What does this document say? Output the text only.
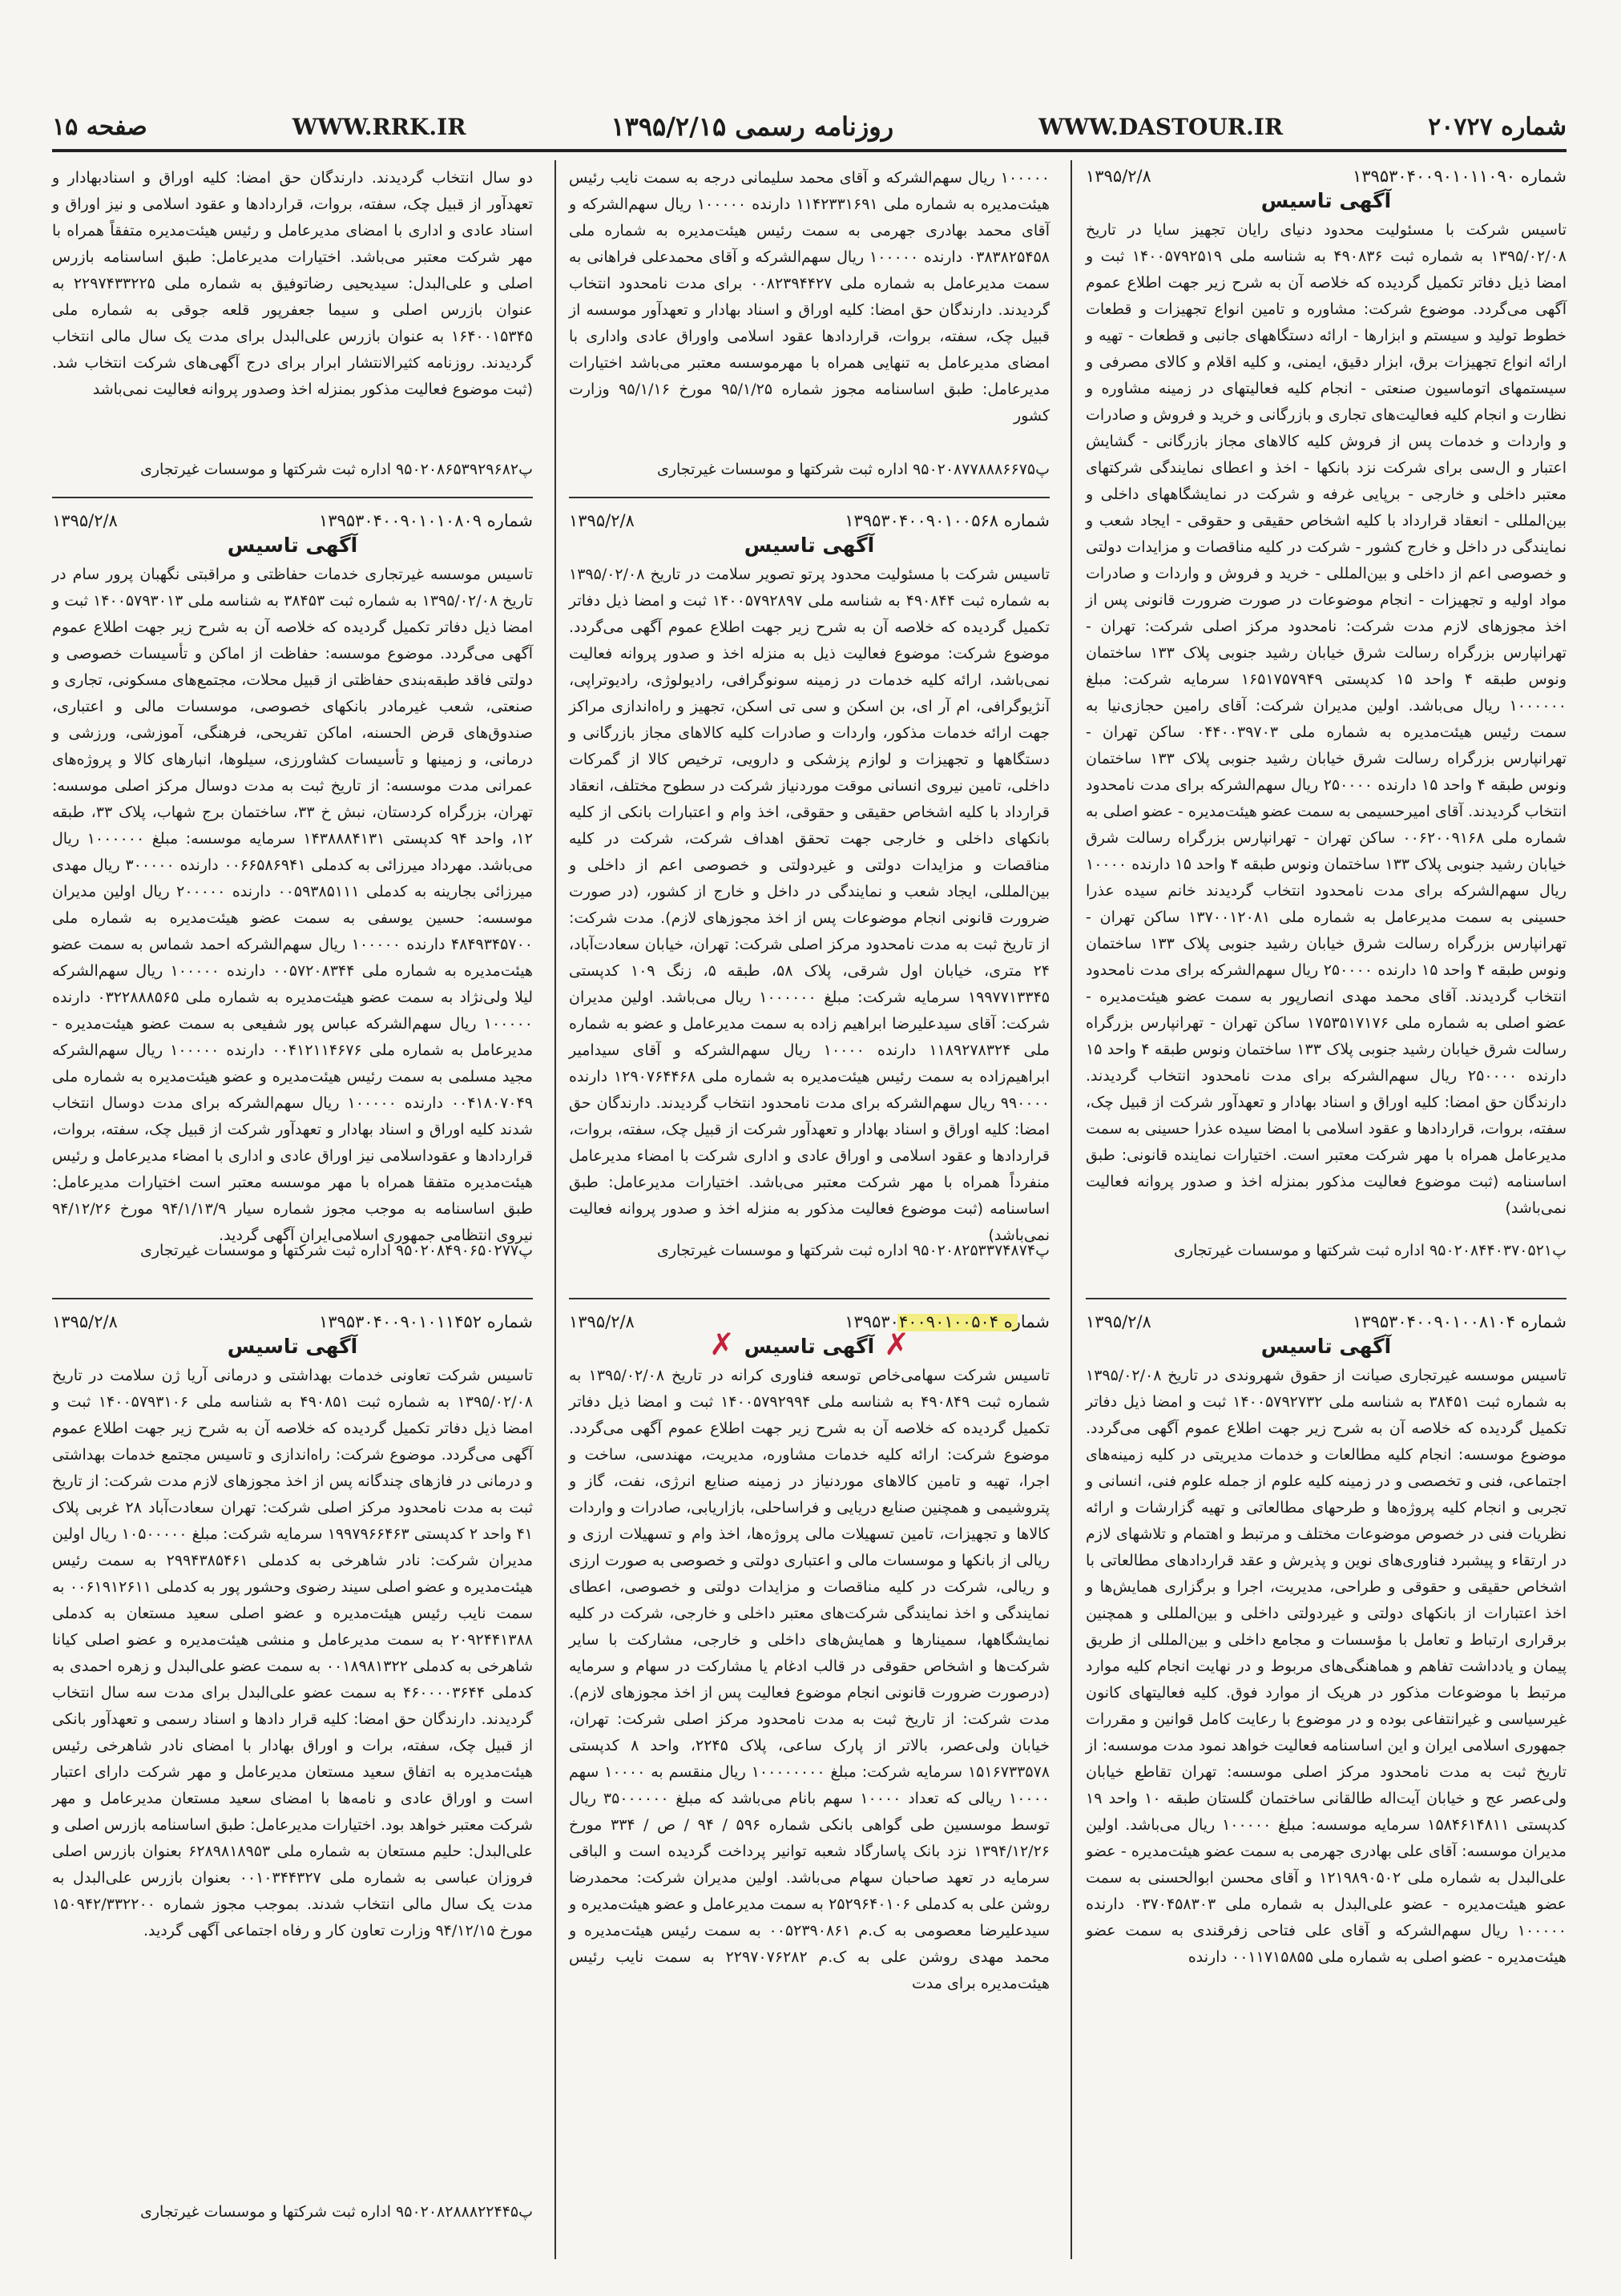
صفحه ۱۵	WWW.RRK.IR	روزنامه رسمی ۱۳۹۵/۲/۱۵	WWW.DASTOUR.IR	شماره ۲۰۷۲۷
شماره ۱۳۹۵۳۰۴۰۰۹۰۱۰۱۱۰۹۰
۱۳۹۵/۲/۸
آگهی تاسیس
تاسیس شرکت با مسئولیت محدود دنیای رایان تجهیز سایا در تاریخ ۱۳۹۵/۰۲/۰۸ به شماره ثبت ۴۹۰۸۳۶ به شناسه ملی ۱۴۰۰۵۷۹۲۵۱۹ ثبت و امضا ذیل دفاتر تکمیل گردیده که خلاصه آن به شرح زیر جهت اطلاع عموم آگهی می‌گردد. موضوع شرکت: مشاوره و تامین انواع تجهیزات و قطعات خطوط تولید و سیستم و ابزارها - ارائه دستگاههای جانبی و قطعات - تهیه و ارائه انواع تجهیزات برق، ابزار دقیق، ایمنی، و کلیه اقلام و کالای مصرفی و سیستمهای اتوماسیون صنعتی - انجام کلیه فعالیتهای در زمینه مشاوره و نظارت و انجام کلیه فعالیت‌های تجاری و بازرگانی و خرید و فروش و صادرات و واردات و خدمات پس از فروش کلیه کالاهای مجاز بازرگانی - گشایش اعتبار و ال‌سی برای شرکت نزد بانکها - اخذ و اعطای نمایندگی شرکتهای معتبر داخلی و خارجی - برپایی غرفه و شرکت در نمایشگاههای داخلی و بین‌المللی - انعقاد قرارداد با کلیه اشخاص حقیقی و حقوقی - ایجاد شعب و نمایندگی در داخل و خارج کشور - شرکت در کلیه مناقصات و مزایدات دولتی و خصوصی اعم از داخلی و بین‌المللی - خرید و فروش و واردات و صادرات مواد اولیه و تجهیزات - انجام موضوعات در صورت ضرورت قانونی پس از اخذ مجوزهای لازم مدت شرکت: نامحدود مرکز اصلی شرکت: تهران - تهرانپارس بزرگراه رسالت شرق خیابان رشید جنوبی پلاک ۱۳۳ ساختمان ونوس طبقه ۴ واحد ۱۵ کدپستی ۱۶۵۱۷۵۷۹۴۹ سرمایه شرکت: مبلغ ۱۰۰۰۰۰۰ ریال می‌باشد. اولین مدیران شرکت: آقای رامین حجازی‌نیا به سمت رئیس هیئت‌مدیره به شماره ملی ۰۴۴۰۰۳۹۷۰۳ ساکن تهران - تهرانپارس بزرگراه رسالت شرق خیابان رشید جنوبی پلاک ۱۳۳ ساختمان ونوس طبقه ۴ واحد ۱۵ دارنده ۲۵۰۰۰۰ ریال سهم‌الشرکه برای مدت نامحدود انتخاب گردیدند. آقای امیرحسیمی به سمت عضو هیئت‌مدیره - عضو اصلی به شماره ملی ۰۰۶۲۰۰۹۱۶۸ ساکن تهران - تهرانپارس بزرگراه رسالت شرق خیابان رشید جنوبی پلاک ۱۳۳ ساختمان ونوس طبقه ۴ واحد ۱۵ دارنده ۱۰۰۰۰ ریال سهم‌الشرکه برای مدت نامحدود انتخاب گردیدند خانم سیده عذرا حسینی به سمت مدیرعامل به شماره ملی ۱۳۷۰۰۱۲۰۸۱ ساکن تهران - تهرانپارس بزرگراه رسالت شرق خیابان رشید جنوبی پلاک ۱۳۳ ساختمان ونوس طبقه ۴ واحد ۱۵ دارنده ۲۵۰۰۰۰ ریال سهم‌الشرکه برای مدت نامحدود انتخاب گردیدند. آقای محمد مهدی انصارپور به سمت عضو هیئت‌مدیره - عضو اصلی به شماره ملی ۱۷۵۳۵۱۷۱۷۶ ساکن تهران - تهرانپارس بزرگراه رسالت شرق خیابان رشید جنوبی پلاک ۱۳۳ ساختمان ونوس طبقه ۴ واحد ۱۵ دارنده ۲۵۰۰۰۰ ریال سهم‌الشرکه برای مدت نامحدود انتخاب گردیدند. دارندگان حق امضا: کلیه اوراق و اسناد بهادار و تعهدآور شرکت از قبیل چک، سفته، بروات، قراردادها و عقود اسلامی با امضا سیده عذرا حسینی به سمت مدیرعامل همراه با مهر شرکت معتبر است. اختیارات نماینده قانونی: طبق اساسنامه (ثبت موضوع فعالیت مذکور بمنزله اخذ و صدور پروانه فعالیت نمی‌باشد)
پ۹۵۰۲۰۸۴۴۰۳۷۰۵۲۱ اداره ثبت شرکتها و موسسات غیرتجاری
شماره ۱۳۹۵۳۰۴۰۰۹۰۱۰۰۸۱۰۴
۱۳۹۵/۲/۸
آگهی تاسیس
تاسیس موسسه غیرتجاری صیانت از حقوق شهروندی در تاریخ ۱۳۹۵/۰۲/۰۸ به شماره ثبت ۳۸۴۵۱ به شناسه ملی ۱۴۰۰۵۷۹۲۷۳۲ ثبت و امضا ذیل دفاتر تکمیل گردیده که خلاصه آن به شرح زیر جهت اطلاع عموم آگهی می‌گردد. موضوع موسسه: انجام کلیه مطالعات و خدمات مدیریتی در کلیه زمینه‌های اجتماعی، فنی و تخصصی و در زمینه کلیه علوم از جمله علوم فنی، انسانی و تجربی و انجام کلیه پروژه‌ها و طرحهای مطالعاتی و تهیه گزارشات و ارائه نظریات فنی در خصوص موضوعات مختلف و مرتبط و اهتمام و تلاشهای لازم در ارتقاء و پیشبرد فناوری‌های نوین و پذیرش و عقد قراردادهای مطالعاتی با اشخاص حقیقی و حقوقی و طراحی، مدیریت، اجرا و برگزاری همایش‌ها و اخذ اعتبارات از بانکهای دولتی و غیردولتی داخلی و بین‌المللی و همچنین برقراری ارتباط و تعامل با مؤسسات و مجامع داخلی و بین‌المللی از طریق پیمان و یادداشت تفاهم و هماهنگی‌های مربوط و در نهایت انجام کلیه موارد مرتبط با موضوعات مذکور در هریک از موارد فوق. کلیه فعالیتهای کانون غیرسیاسی و غیرانتفاعی بوده و در موضوع با رعایت کامل قوانین و مقررات جمهوری اسلامی ایران و این اساسنامه فعالیت خواهد نمود مدت موسسه: از تاریخ ثبت به مدت نامحدود مرکز اصلی موسسه: تهران تقاطع خیابان ولی‌عصر عج و خیابان آیت‌اله طالقانی ساختمان گلستان طبقه ۱۰ واحد ۱۹ کدپستی ۱۵۸۴۶۱۴۸۱۱ سرمایه موسسه: مبلغ ۱۰۰۰۰۰ ریال می‌باشد. اولین مدیران موسسه: آقای علی بهادری جهرمی به سمت عضو هیئت‌مدیره - عضو علی‌البدل به شماره ملی ۱۲۱۹۸۹۰۵۰۲ و آقای محسن ابوالحسنی به سمت عضو هیئت‌مدیره - عضو علی‌البدل به شماره ملی ۰۳۷۰۴۵۸۳۰۳ دارنده ۱۰۰۰۰۰ ریال سهم‌الشرکه و آقای علی فتاحی زفرقندی به سمت عضو هیئت‌مدیره - عضو اصلی به شماره ملی ۰۰۱۱۷۱۵۸۵۵ دارنده
۱۰۰۰۰۰ ریال سهم‌الشرکه و آقای محمد سلیمانی درجه به سمت نایب رئیس هیئت‌مدیره به شماره ملی ۱۱۴۲۳۳۱۶۹۱ دارنده ۱۰۰۰۰۰ ریال سهم‌الشرکه و آقای محمد بهادری جهرمی به سمت رئیس هیئت‌مدیره به شماره ملی ۰۳۸۳۸۲۵۴۵۸ دارنده ۱۰۰۰۰۰ ریال سهم‌الشرکه و آقای محمدعلی فراهانی به سمت مدیرعامل به شماره ملی ۰۰۸۲۳۹۴۴۲۷ برای مدت نامحدود انتخاب گردیدند. دارندگان حق امضا: کلیه اوراق و اسناد بهادار و تعهدآور موسسه از قبیل چک، سفته، بروات، قراردادها عقود اسلامی واوراق عادی واداری با امضای مدیرعامل به تنهایی همراه با مهرموسسه معتبر می‌باشد اختیارات مدیرعامل: طبق اساسنامه مجوز شماره ۹۵/۱/۲۵ مورخ ۹۵/۱/۱۶ وزارت کشور
پ۹۵۰۲۰۸۷۷۸۸۸۶۶۷۵ اداره ثبت شرکتها و موسسات غیرتجاری
شماره ۱۳۹۵۳۰۴۰۰۹۰۱۰۰۵۶۸
۱۳۹۵/۲/۸
آگهی تاسیس
تاسیس شرکت با مسئولیت محدود پرتو تصویر سلامت در تاریخ ۱۳۹۵/۰۲/۰۸ به شماره ثبت ۴۹۰۸۴۴ به شناسه ملی ۱۴۰۰۵۷۹۲۸۹۷ ثبت و امضا ذیل دفاتر تکمیل گردیده که خلاصه آن به شرح زیر جهت اطلاع عموم آگهی می‌گردد. موضوع شرکت: موضوع فعالیت ذیل به منزله اخذ و صدور پروانه فعالیت نمی‌باشد، ارائه کلیه خدمات در زمینه سونوگرافی، رادیولوژی، رادیوتراپی، آنژیوگرافی، ام آر ای، بن اسکن و سی تی اسکن، تجهیز و راه‌اندازی مراکز جهت ارائه خدمات مذکور، واردات و صادرات کلیه کالاهای مجاز بازرگانی و دستگاهها و تجهیزات و لوازم پزشکی و دارویی، ترخیص کالا از گمرکات داخلی، تامین نیروی انسانی موقت موردنیاز شرکت در سطوح مختلف، انعقاد قرارداد با کلیه اشخاص حقیقی و حقوقی، اخذ وام و اعتبارات بانکی از کلیه بانکهای داخلی و خارجی جهت تحقق اهداف شرکت، شرکت در کلیه مناقصات و مزایدات دولتی و غیردولتی و خصوصی اعم از داخلی و بین‌المللی، ایجاد شعب و نمایندگی در داخل و خارج از کشور، (در صورت ضرورت قانونی انجام موضوعات پس از اخذ مجوزهای لازم). مدت شرکت: از تاریخ ثبت به مدت نامحدود مرکز اصلی شرکت: تهران، خیابان سعادت‌آباد، ۲۴ متری، خیابان اول شرقی، پلاک ۵۸، طبقه ۵، زنگ ۱۰۹ کدپستی ۱۹۹۷۷۱۳۳۴۵ سرمایه شرکت: مبلغ ۱۰۰۰۰۰۰ ریال می‌باشد. اولین مدیران شرکت: آقای سیدعلیرضا ابراهیم زاده به سمت مدیرعامل و عضو به شماره ملی ۱۱۸۹۲۷۸۳۲۴ دارنده ۱۰۰۰۰ ریال سهم‌الشرکه و آقای سیدامیر ابراهیم‌زاده به سمت رئیس هیئت‌مدیره به شماره ملی ۱۲۹۰۷۶۴۴۶۸ دارنده ۹۹۰۰۰۰ ریال سهم‌الشرکه برای مدت نامحدود انتخاب گردیدند. دارندگان حق امضا: کلیه اوراق و اسناد بهادار و تعهدآور شرکت از قبیل چک، سفته، بروات، قراردادها و عقود اسلامی و اوراق عادی و اداری شرکت با امضاء مدیرعامل منفرداً همراه با مهر شرکت معتبر می‌باشد. اختیارات مدیرعامل: طبق اساسنامه (ثبت موضوع فعالیت مذکور به منزله اخذ و صدور پروانه فعالیت نمی‌باشد)
پ۹۵۰۲۰۸۲۵۳۳۷۴۸۷۴ اداره ثبت شرکتها و موسسات غیرتجاری
شماره ۱۳۹۵۳۰۴۰۰۹۰۱۰۰۵۰۴
۱۳۹۵/۲/۸
✗
آگهی تاسیس
✗
تاسیس شرکت سهامی‌خاص توسعه فناوری کرانه در تاریخ ۱۳۹۵/۰۲/۰۸ به شماره ثبت ۴۹۰۸۴۹ به شناسه ملی ۱۴۰۰۵۷۹۲۹۹۴ ثبت و امضا ذیل دفاتر تکمیل گردیده که خلاصه آن به شرح زیر جهت اطلاع عموم آگهی می‌گردد. موضوع شرکت: ارائه کلیه خدمات مشاوره، مدیریت، مهندسی، ساخت و اجرا، تهیه و تامین کالاهای موردنیاز در زمینه صنایع انرژی، نفت، گاز و پتروشیمی و همچنین صنایع دریایی و فراساحلی، بازاریابی، صادرات و واردات کالاها و تجهیزات، تامین تسهیلات مالی پروژه‌ها، اخذ وام و تسهیلات ارزی و ریالی از بانکها و موسسات مالی و اعتباری دولتی و خصوصی به صورت ارزی و ریالی، شرکت در کلیه مناقصات و مزایدات دولتی و خصوصی، اعطای نمایندگی و اخذ نمایندگی شرکت‌های معتبر داخلی و خارجی، شرکت در کلیه نمایشگاهها، سمینارها و همایش‌های داخلی و خارجی، مشارکت با سایر شرکت‌ها و اشخاص حقوقی در قالب ادغام یا مشارکت در سهام و سرمایه (درصورت ضرورت قانونی انجام موضوع فعالیت پس از اخذ مجوزهای لازم). مدت شرکت: از تاریخ ثبت به مدت نامحدود مرکز اصلی شرکت: تهران، خیابان ولی‌عصر، بالاتر از پارک ساعی، پلاک ۲۲۴۵، واحد ۸ کدپستی ۱۵۱۶۷۳۳۵۷۸ سرمایه شرکت: مبلغ ۱۰۰۰۰۰۰۰۰ ریال منقسم به ۱۰۰۰۰ سهم ۱۰۰۰۰ ریالی که تعداد ۱۰۰۰۰ سهم بانام می‌باشد که مبلغ ۳۵۰۰۰۰۰۰ ریال توسط موسسین طی گواهی بانکی شماره ۵۹۶ / ۹۴ / ص / ۳۳۴ مورخ ۱۳۹۴/۱۲/۲۶ نزد بانک پاسارگاد شعبه توانیر پرداخت گردیده است و الباقی سرمایه در تعهد صاحبان سهام می‌باشد. اولین مدیران شرکت: محمدرضا روشن علی به کدملی ۲۵۲۹۶۴۰۱۰۶ به سمت مدیرعامل و عضو هیئت‌مدیره و سیدعلیرضا معصومی به ک.م ۰۰۵۲۳۹۰۸۶۱ به سمت رئیس هیئت‌مدیره و محمد مهدی روشن علی به ک.م ۲۲۹۷۰۷۶۲۸۲ به سمت نایب رئیس هیئت‌مدیره برای مدت
دو سال انتخاب گردیدند. دارندگان حق امضا: کلیه اوراق و اسنادبهادار و تعهدآور از قبیل چک، سفته، بروات، قراردادها و عقود اسلامی و نیز اوراق و اسناد عادی و اداری با امضای مدیرعامل و رئیس هیئت‌مدیره متفقاً همراه با مهر شرکت معتبر می‌باشد. اختیارات مدیرعامل: طبق اساسنامه بازرس اصلی و علی‌البدل: سیدیحیی رضاتوفیق به شماره ملی ۲۲۹۷۴۳۳۲۲۵ به عنوان بازرس اصلی و سیما جعفرپور قلعه جوقی به شماره ملی ۱۶۴۰۰۱۵۳۴۵ به عنوان بازرس علی‌البدل برای مدت یک سال مالی انتخاب گردیدند. روزنامه کثیرالانتشار ابرار برای درج آگهی‌های شرکت انتخاب شد. (ثبت موضوع فعالیت مذکور بمنزله اخذ وصدور پروانه فعالیت نمی‌باشد
پ۹۵۰۲۰۸۶۵۳۹۲۹۶۸۲ اداره ثبت شرکتها و موسسات غیرتجاری
شماره ۱۳۹۵۳۰۴۰۰۹۰۱۰۱۰۸۰۹
۱۳۹۵/۲/۸
آگهی تاسیس
تاسیس موسسه غیرتجاری خدمات حفاظتی و مراقبتی نگهبان پرور سام در تاریخ ۱۳۹۵/۰۲/۰۸ به شماره ثبت ۳۸۴۵۳ به شناسه ملی ۱۴۰۰۵۷۹۳۰۱۳ ثبت و امضا ذیل دفاتر تکمیل گردیده که خلاصه آن به شرح زیر جهت اطلاع عموم آگهی می‌گردد. موضوع موسسه: حفاظت از اماکن و تأسیسات خصوصی و دولتی فاقد طبقه‌بندی حفاظتی از قبیل محلات، مجتمع‌های مسکونی، تجاری و صنعتی، شعب غیرمادر بانکهای خصوصی، موسسات مالی و اعتباری، صندوق‌های قرض الحسنه، اماکن تفریحی، فرهنگی، آموزشی، ورزشی و درمانی، و زمینها و تأسیسات کشاورزی، سیلوها، انبارهای کالا و پروژه‌های عمرانی مدت موسسه: از تاریخ ثبت به مدت دوسال مرکز اصلی موسسه: تهران، بزرگراه کردستان، نبش خ ۳۳، ساختمان برج شهاب، پلاک ۳۳، طبقه ۱۲، واحد ۹۴ کدپستی ۱۴۳۸۸۸۴۱۳۱ سرمایه موسسه: مبلغ ۱۰۰۰۰۰۰ ریال می‌باشد. مهرداد میرزائی به کدملی ۰۰۶۶۵۸۶۹۴۱ دارنده ۳۰۰۰۰۰ ریال مهدی میرزائی بجارینه به کدملی ۰۰۵۹۳۸۵۱۱۱ دارنده ۲۰۰۰۰۰ ریال اولین مدیران موسسه: حسین یوسفی به سمت عضو هیئت‌مدیره به شماره ملی ۴۸۴۹۳۴۵۷۰۰ دارنده ۱۰۰۰۰۰ ریال سهم‌الشرکه احمد شماس به سمت عضو هیئت‌مدیره به شماره ملی ۰۰۵۷۲۰۸۳۴۴ دارنده ۱۰۰۰۰۰ ریال سهم‌الشرکه لیلا ولی‌نژاد به سمت عضو هیئت‌مدیره به شماره ملی ۰۳۲۲۸۸۸۵۶۵ دارنده ۱۰۰۰۰۰ ریال سهم‌الشرکه عباس پور شفیعی به سمت عضو هیئت‌مدیره - مدیرعامل به شماره ملی ۰۰۴۱۲۱۱۴۶۷۶ دارنده ۱۰۰۰۰۰ ریال سهم‌الشرکه مجید مسلمی به سمت رئیس هیئت‌مدیره و عضو هیئت‌مدیره به شماره ملی ۰۰۴۱۸۰۷۰۴۹ دارنده ۱۰۰۰۰۰ ریال سهم‌الشرکه برای مدت دوسال انتخاب شدند کلیه اوراق و اسناد بهادار و تعهدآور شرکت از قبیل چک، سفته، بروات، قراردادها و عقوداسلامی نیز اوراق عادی و اداری با امضاء مدیرعامل و رئیس هیئت‌مدیره متفقا همراه با مهر موسسه معتبر است اختیارات مدیرعامل: طبق اساسنامه به موجب مجوز شماره سیار ۹۴/۱/۱۳/۹ مورخ ۹۴/۱۲/۲۶ نیروی انتظامی جمهوری اسلامی‌ایران آگهی گردید.
پ۹۵۰۲۰۸۴۹۰۶۵۰۲۷۷ اداره ثبت شرکتها و موسسات غیرتجاری
شماره ۱۳۹۵۳۰۴۰۰۹۰۱۰۱۱۴۵۲
۱۳۹۵/۲/۸
آگهی تاسیس
تاسیس شرکت تعاونی خدمات بهداشتی و درمانی آریا ژن سلامت در تاریخ ۱۳۹۵/۰۲/۰۸ به شماره ثبت ۴۹۰۸۵۱ به شناسه ملی ۱۴۰۰۵۷۹۳۱۰۶ ثبت و امضا ذیل دفاتر تکمیل گردیده که خلاصه آن به شرح زیر جهت اطلاع عموم آگهی می‌گردد. موضوع شرکت: راه‌اندازی و تاسیس مجتمع خدمات بهداشتی و درمانی در فازهای چندگانه پس از اخذ مجوزهای لازم مدت شرکت: از تاریخ ثبت به مدت نامحدود مرکز اصلی شرکت: تهران سعادت‌آباد ۲۸ غربی پلاک ۴۱ واحد ۲ کدپستی ۱۹۹۷۹۶۶۴۶۳ سرمایه شرکت: مبلغ ۱۰۵۰۰۰۰۰ ریال اولین مدیران شرکت: نادر شاهرخی به کدملی ۲۹۹۴۳۸۵۴۶۱ به سمت رئیس هیئت‌مدیره و عضو اصلی سیند رضوی وحشور پور به کدملی ۰۰۶۱۹۱۲۶۱۱ به سمت نایب رئیس هیئت‌مدیره و عضو اصلی سعید مستعان به کدملی ۲۰۹۲۴۴۱۳۸۸ به سمت مدیرعامل و منشی هیئت‌مدیره و عضو اصلی کیانا شاهرخی به کدملی ۰۰۱۸۹۸۱۳۲۲ به سمت عضو علی‌البدل و زهره احمدی به کدملی ۴۶۰۰۰۰۳۶۴۴ به سمت عضو علی‌البدل برای مدت سه سال انتخاب گردیدند. دارندگان حق امضا: کلیه قرار دادها و اسناد رسمی و تعهدآور بانکی از قبیل چک، سفته، برات و اوراق بهادار با امضای نادر شاهرخی رئیس هیئت‌مدیره به اتفاق سعید مستعان مدیرعامل و مهر شرکت دارای اعتبار است و اوراق عادی و نامه‌ها با امضای سعید مستعان مدیرعامل و مهر شرکت معتبر خواهد بود. اختیارات مدیرعامل: طبق اساسنامه بازرس اصلی و علی‌البدل: حلیم مستعان به شماره ملی ۶۲۸۹۸۱۸۹۵۳ بعنوان بازرس اصلی فروزان عباسی به شماره ملی ۰۰۱۰۳۴۴۳۲۷ بعنوان بازرس علی‌البدل به مدت یک سال مالی انتخاب شدند. بموجب مجوز شماره ۱۵۰۹۴۲/۳۳۲۲۰۰ مورخ ۹۴/۱۲/۱۵ وزارت تعاون کار و رفاه اجتماعی آگهی گردید.
پ۹۵۰۲۰۸۲۸۸۸۲۲۴۴۵ اداره ثبت شرکتها و موسسات غیرتجاری
